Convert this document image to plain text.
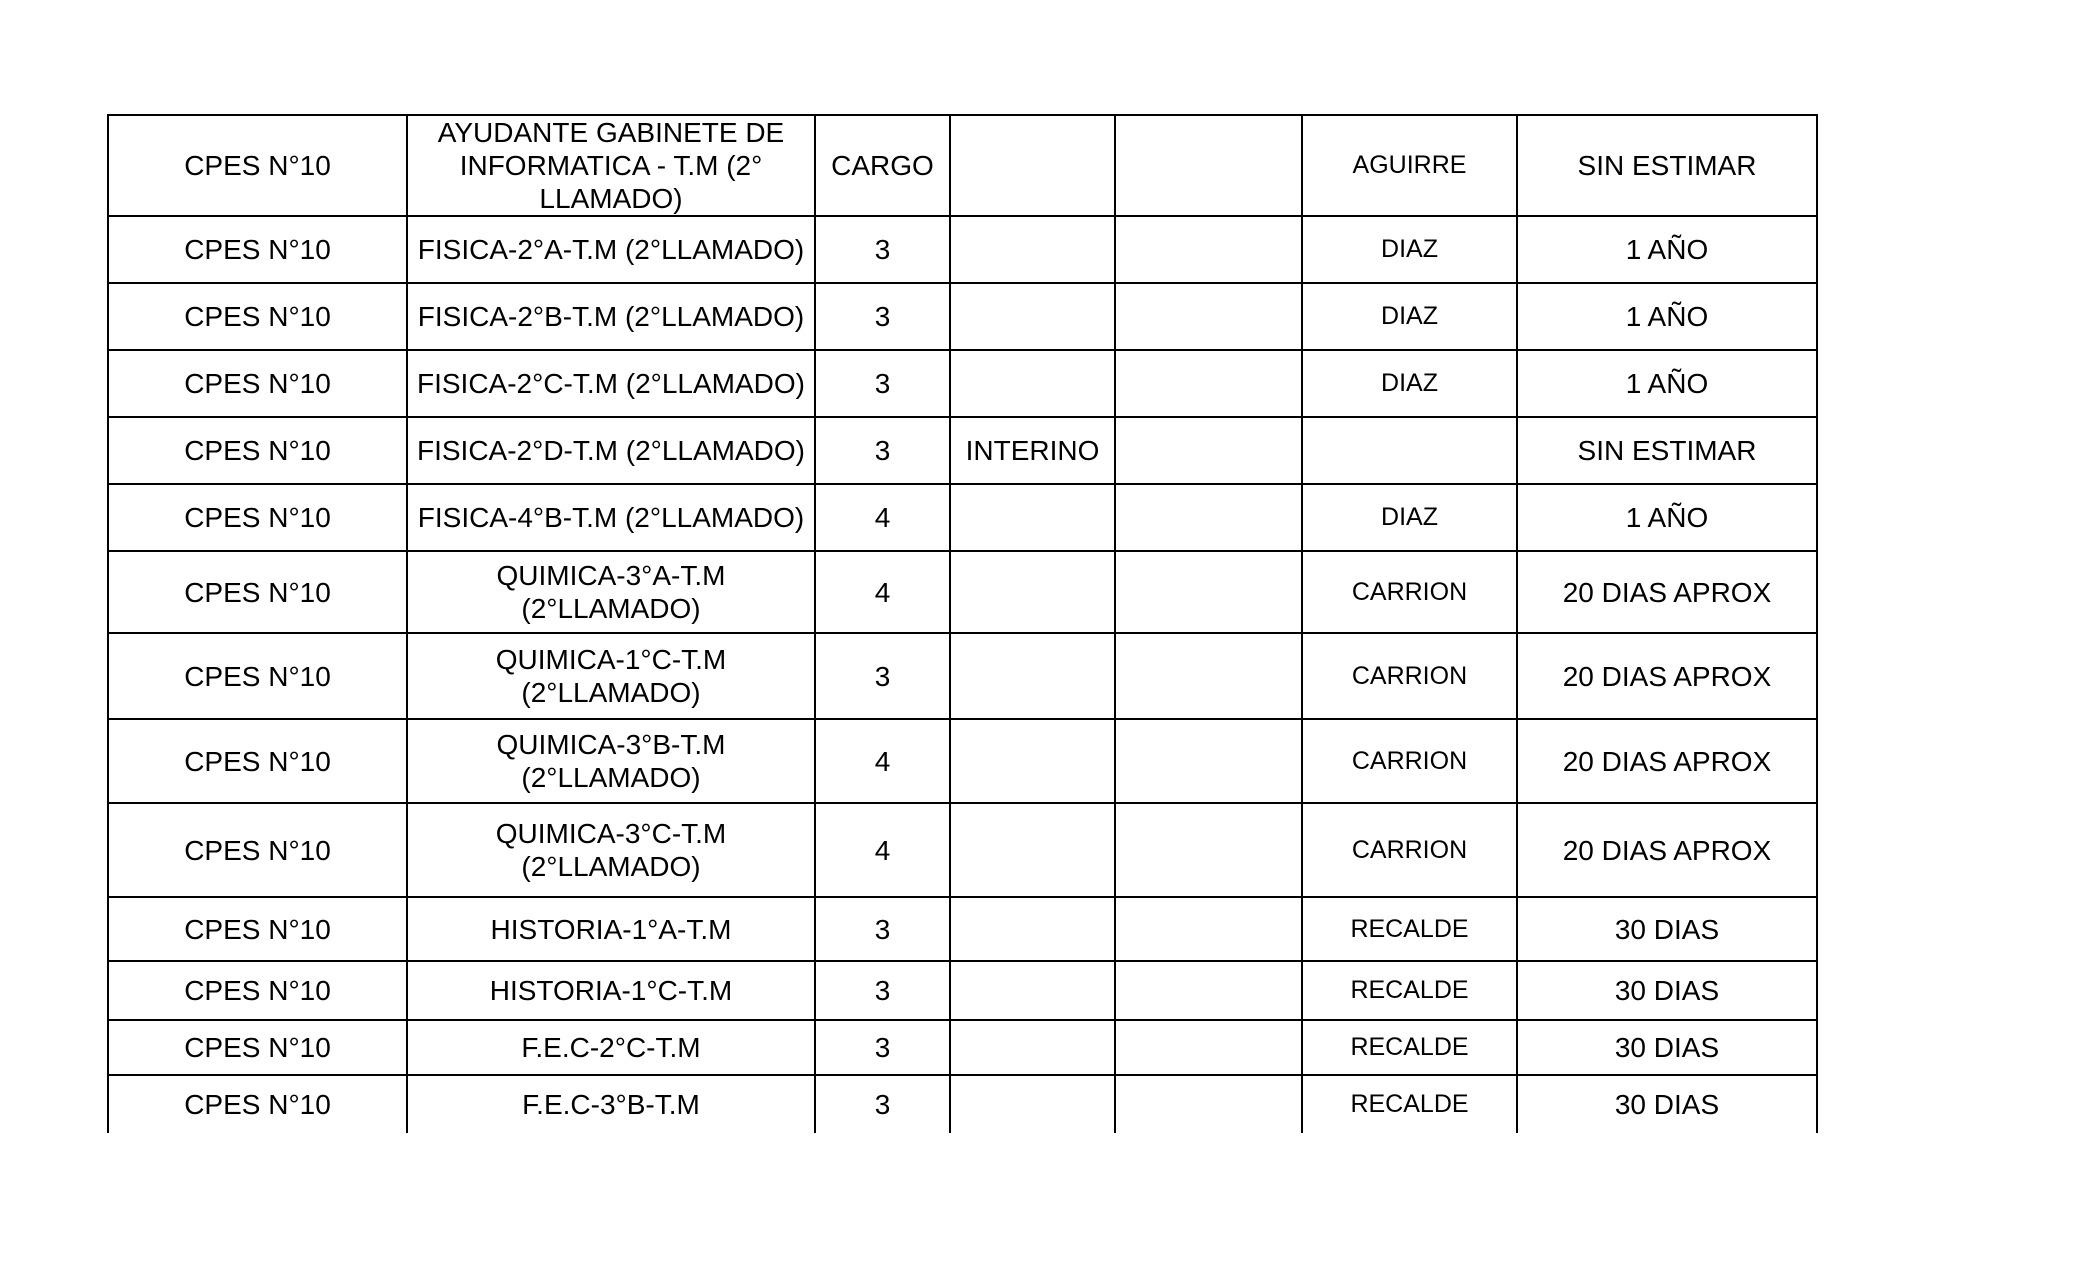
CPES N°10	AYUDANTE GABINETE DE INFORMATICA - T.M (2° LLAMADO)	CARGO			AGUIRRE	SIN ESTIMAR
CPES N°10	FISICA-2°A-T.M (2°LLAMADO)	3			DIAZ	1 AÑO
CPES N°10	FISICA-2°B-T.M (2°LLAMADO)	3			DIAZ	1 AÑO
CPES N°10	FISICA-2°C-T.M (2°LLAMADO)	3			DIAZ	1 AÑO
CPES N°10	FISICA-2°D-T.M (2°LLAMADO)	3	INTERINO			SIN ESTIMAR
CPES N°10	FISICA-4°B-T.M (2°LLAMADO)	4			DIAZ	1 AÑO
CPES N°10	QUIMICA-3°A-T.M (2°LLAMADO)	4			CARRION	20 DIAS APROX
CPES N°10	QUIMICA-1°C-T.M (2°LLAMADO)	3			CARRION	20 DIAS APROX
CPES N°10	QUIMICA-3°B-T.M (2°LLAMADO)	4			CARRION	20 DIAS APROX
CPES N°10	QUIMICA-3°C-T.M (2°LLAMADO)	4			CARRION	20 DIAS APROX
CPES N°10	HISTORIA-1°A-T.M	3			RECALDE	30 DIAS
CPES N°10	HISTORIA-1°C-T.M	3			RECALDE	30 DIAS
CPES N°10	F.E.C-2°C-T.M	3			RECALDE	30 DIAS
CPES N°10	F.E.C-3°B-T.M	3			RECALDE	30 DIAS
